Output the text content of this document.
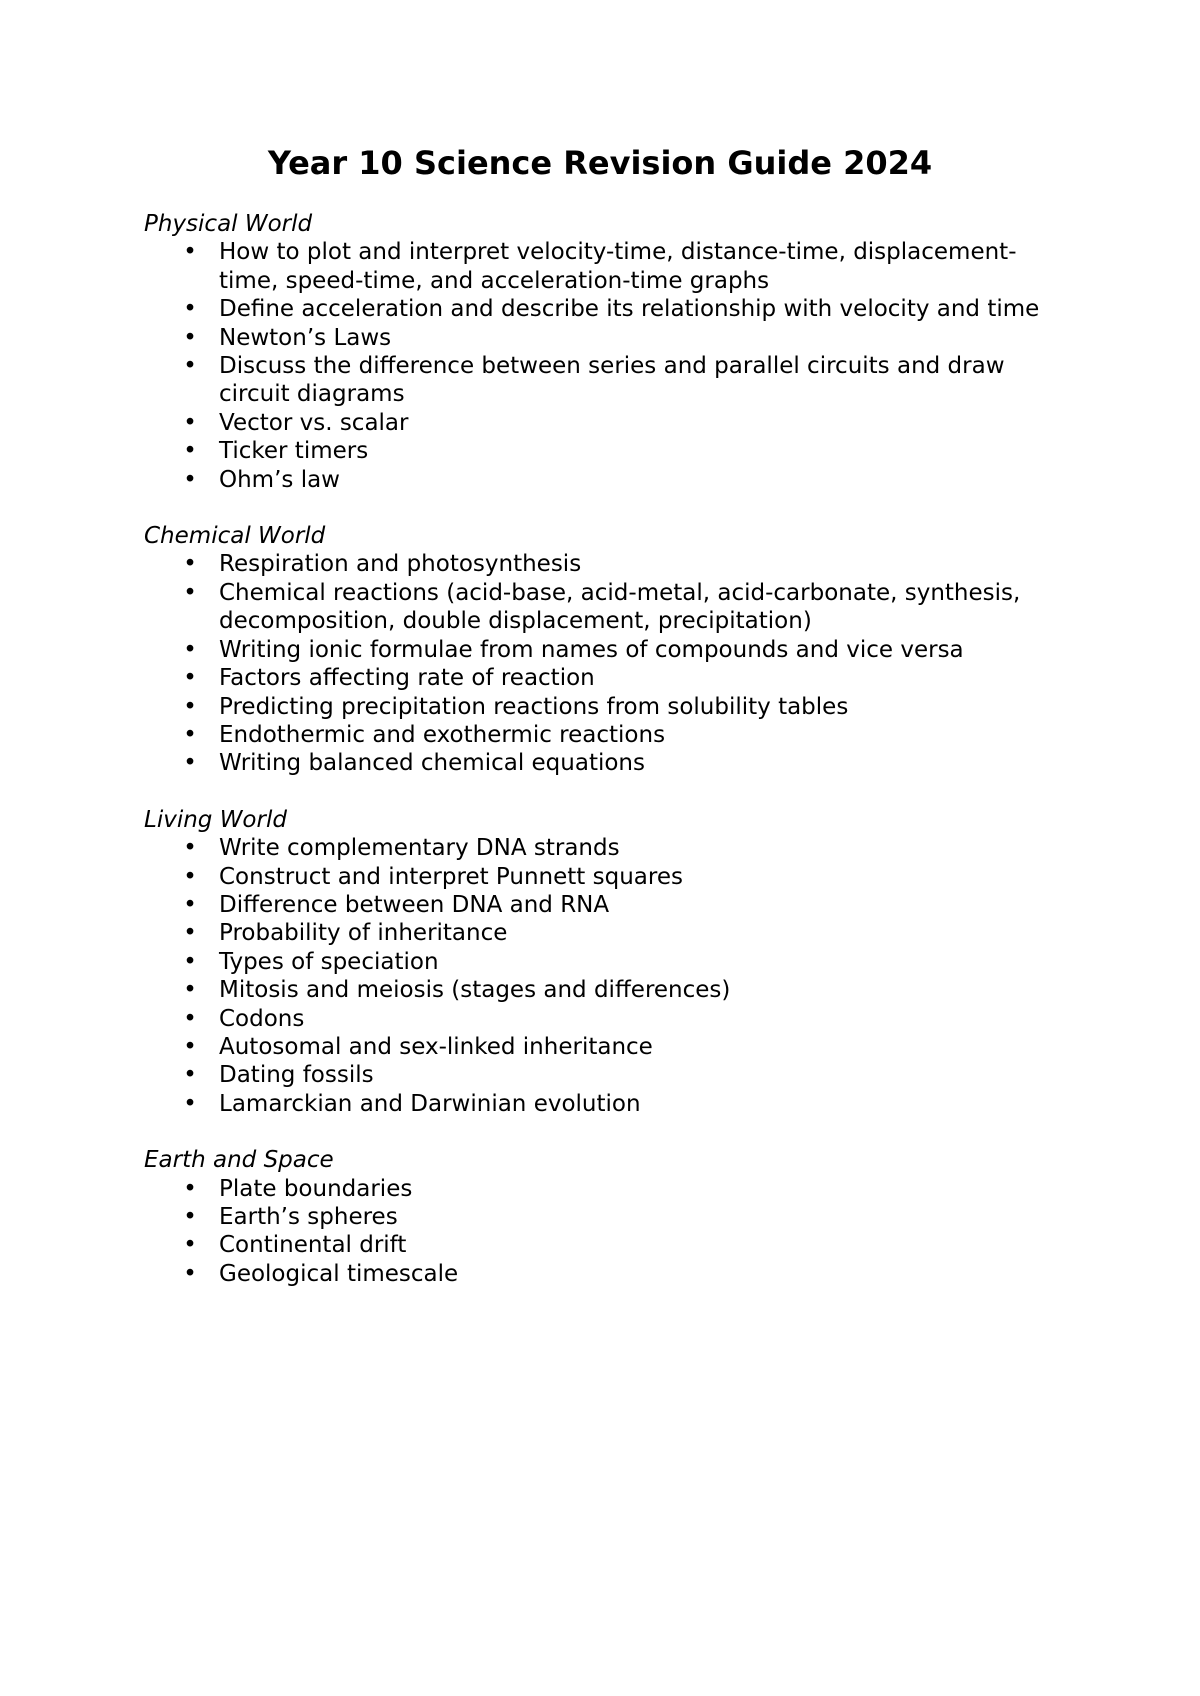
Year 10 Science Revision Guide 2024
Physical World
• How to plot and interpret velocity-time, distance-time, displacement-time, speed-time, and acceleration-time graphs
• Define acceleration and describe its relationship with velocity and time
• Newton’s Laws
• Discuss the difference between series and parallel circuits and draw circuit diagrams
• Vector vs. scalar
• Ticker timers
• Ohm’s law
Chemical World
• Respiration and photosynthesis
• Chemical reactions (acid-base, acid-metal, acid-carbonate, synthesis, decomposition, double displacement, precipitation)
• Writing ionic formulae from names of compounds and vice versa
• Factors affecting rate of reaction
• Predicting precipitation reactions from solubility tables
• Endothermic and exothermic reactions
• Writing balanced chemical equations
Living World
• Write complementary DNA strands
• Construct and interpret Punnett squares
• Difference between DNA and RNA
• Probability of inheritance
• Types of speciation
• Mitosis and meiosis (stages and differences)
• Codons
• Autosomal and sex-linked inheritance
• Dating fossils
• Lamarckian and Darwinian evolution
Earth and Space
• Plate boundaries
• Earth’s spheres
• Continental drift
• Geological timescale
